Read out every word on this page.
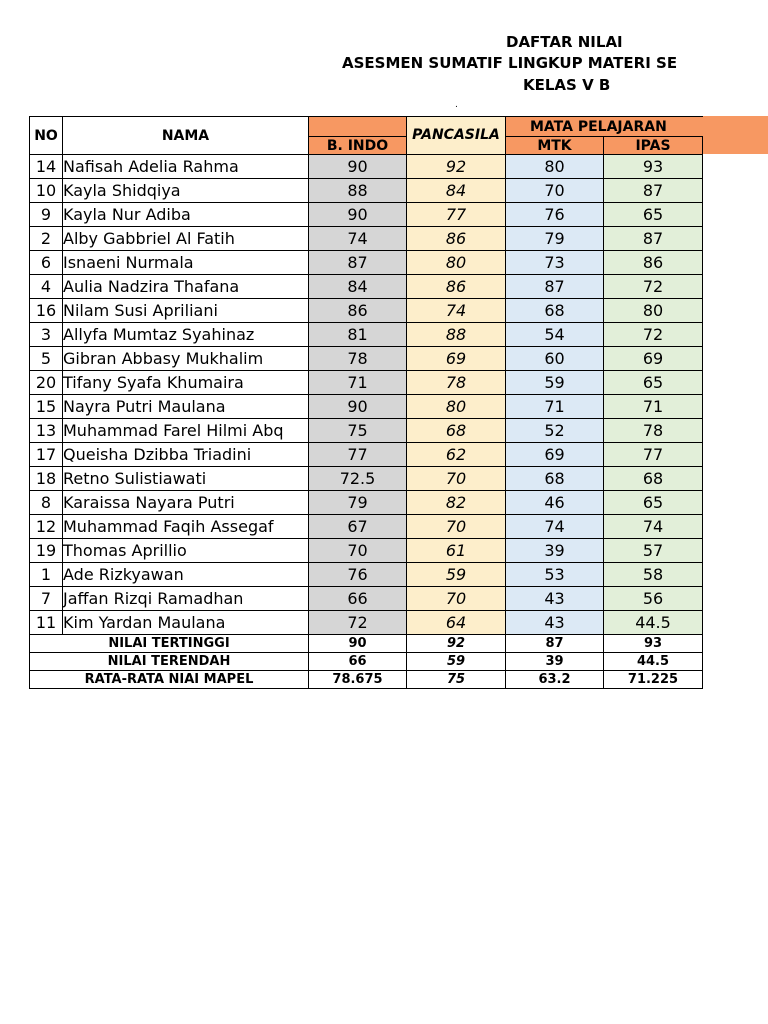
DAFTAR NILAI
ASESMEN SUMATIF LINGKUP MATERI SE
KELAS V B
.
NO	NAMA		PANCASILA	MATA PELAJARAN	
		B. INDO		MTK	IPAS
14	Nafisah Adelia Rahma	90	92	80	93
10	Kayla Shidqiya	88	84	70	87
9	Kayla Nur Adiba	90	77	76	65
2	Alby Gabbriel Al Fatih	74	86	79	87
6	Isnaeni Nurmala	87	80	73	86
4	Aulia Nadzira Thafana	84	86	87	72
16	Nilam Susi Apriliani	86	74	68	80
3	Allyfa Mumtaz Syahinaz	81	88	54	72
5	Gibran Abbasy Mukhalim	78	69	60	69
20	Tifany Syafa Khumaira	71	78	59	65
15	Nayra Putri Maulana	90	80	71	71
13	Muhammad Farel Hilmi Abq	75	68	52	78
17	Queisha Dzibba Triadini	77	62	69	77
18	Retno Sulistiawati	72.5	70	68	68
8	Karaissa Nayara Putri	79	82	46	65
12	Muhammad Faqih Assegaf	67	70	74	74
19	Thomas Aprillio	70	61	39	57
1	Ade Rizkyawan	76	59	53	58
7	Jaffan Rizqi Ramadhan	66	70	43	56
11	Kim Yardan Maulana	72	64	43	44.5
NILAI TERTINGGI		90	92	87	93
NILAI TERENDAH		66	59	39	44.5
RATA-RATA NIAI MAPEL		78.675	75	63.2	71.225
